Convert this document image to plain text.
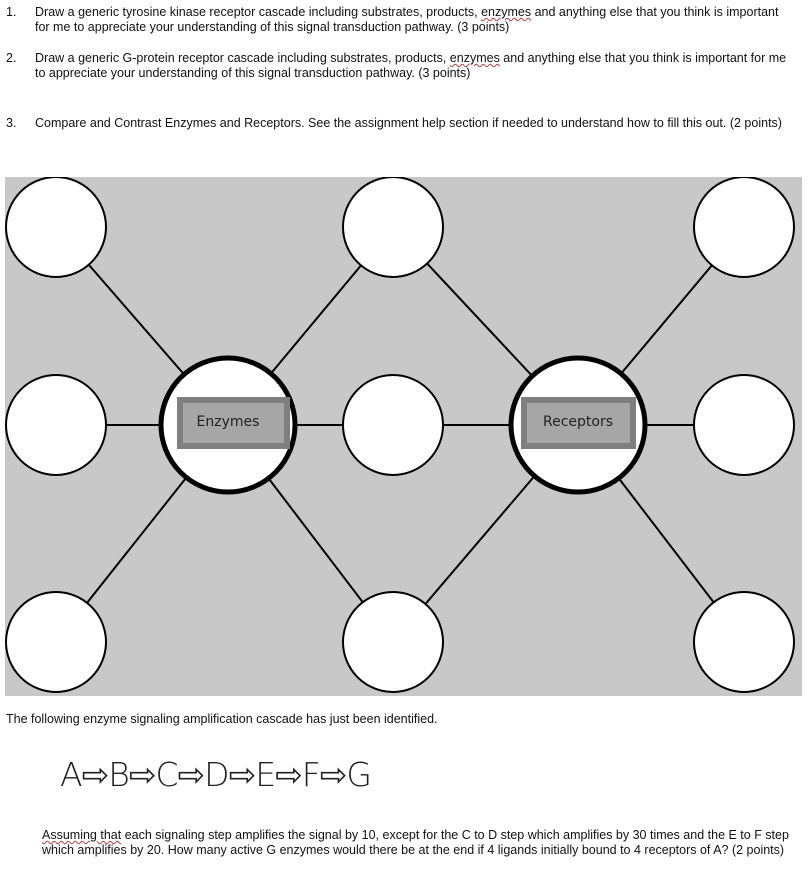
1. Draw a generic tyrosine kinase receptor cascade including substrates, products, enzymes and anything else that you think is important for me to appreciate your understanding of this signal transduction pathway. (3 points)
2. Draw a generic G-protein receptor cascade including substrates, products, enzymes and anything else that you think is important for me to appreciate your understanding of this signal transduction pathway. (3 points)
3. Compare and Contrast Enzymes and Receptors. See the assignment help section if needed to understand how to fill this out. (2 points)
Enzymes	Receptors
The following enzyme signaling amplification cascade has just been identified.
A⇨B⇨C⇨D⇨E⇨F⇨G
Assuming that each signaling step amplifies the signal by 10, except for the C to D step which amplifies by 30 times and the E to F step which amplifies by 20. How many active G enzymes would there be at the end if 4 ligands initially bound to 4 receptors of A? (2 points)
